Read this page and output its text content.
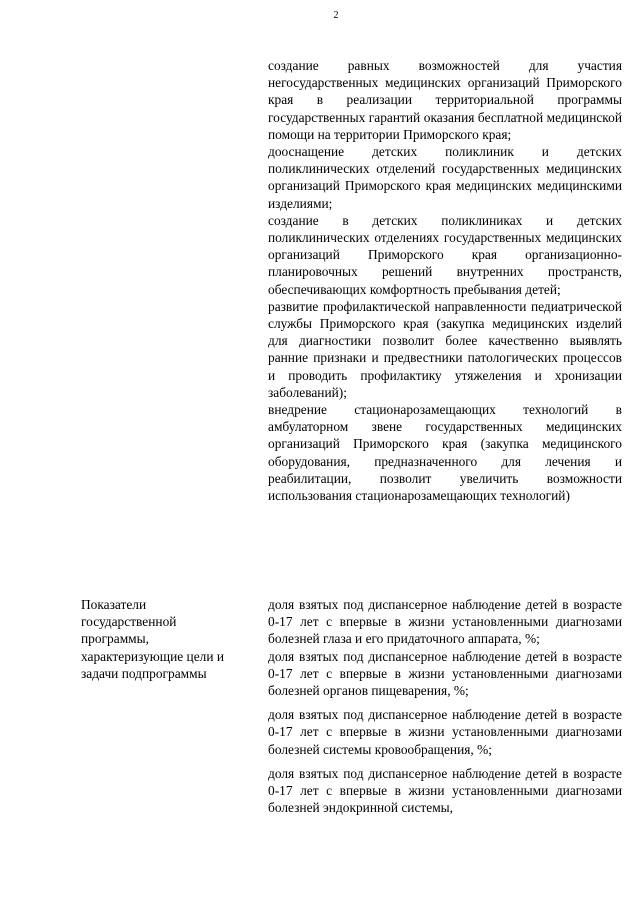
2

создание равных возможностей для участия негосударственных медицинских организаций Приморского края в реализации территориальной программы государственных гарантий оказания бесплатной медицинской помощи на территории Приморского края;

дооснащение детских поликлиник и детских поликлинических отделений государственных медицинских организаций Приморского края медицинских медицинскими изделиями;

создание в детских поликлиниках и детских поликлинических отделениях государственных медицинских организаций Приморского края организационно-планировочных решений внутренних пространств, обеспечивающих комфортность пребывания детей;

развитие профилактической направленности педиатрической службы Приморского края (закупка медицинских изделий для диагностики позволит более качественно выявлять ранние признаки и предвестники патологических процессов и проводить профилактику утяжеления и хронизации заболеваний);

внедрение стационарозамещающих технологий в амбулаторном звене государственных медицинских организаций Приморского края (закупка медицинского оборудования, предназначенного для лечения и реабилитации, позволит увеличить возможности использования стационарозамещающих технологий)

Показатели
государственной
программы,
характеризующие цели и
задачи подпрограммы

доля взятых под диспансерное наблюдение детей в возрасте 0-17 лет с впервые в жизни установленными диагнозами болезней глаза и его придаточного аппарата, %;

доля взятых под диспансерное наблюдение детей в возрасте 0-17 лет с впервые в жизни установленными диагнозами болезней органов пищеварения, %;

доля взятых под диспансерное наблюдение детей в возрасте 0-17 лет с впервые в жизни установленными диагнозами болезней системы кровообращения, %;

доля взятых под диспансерное наблюдение детей в возрасте 0-17 лет с впервые в жизни установленными диагнозами болезней эндокринной системы,
